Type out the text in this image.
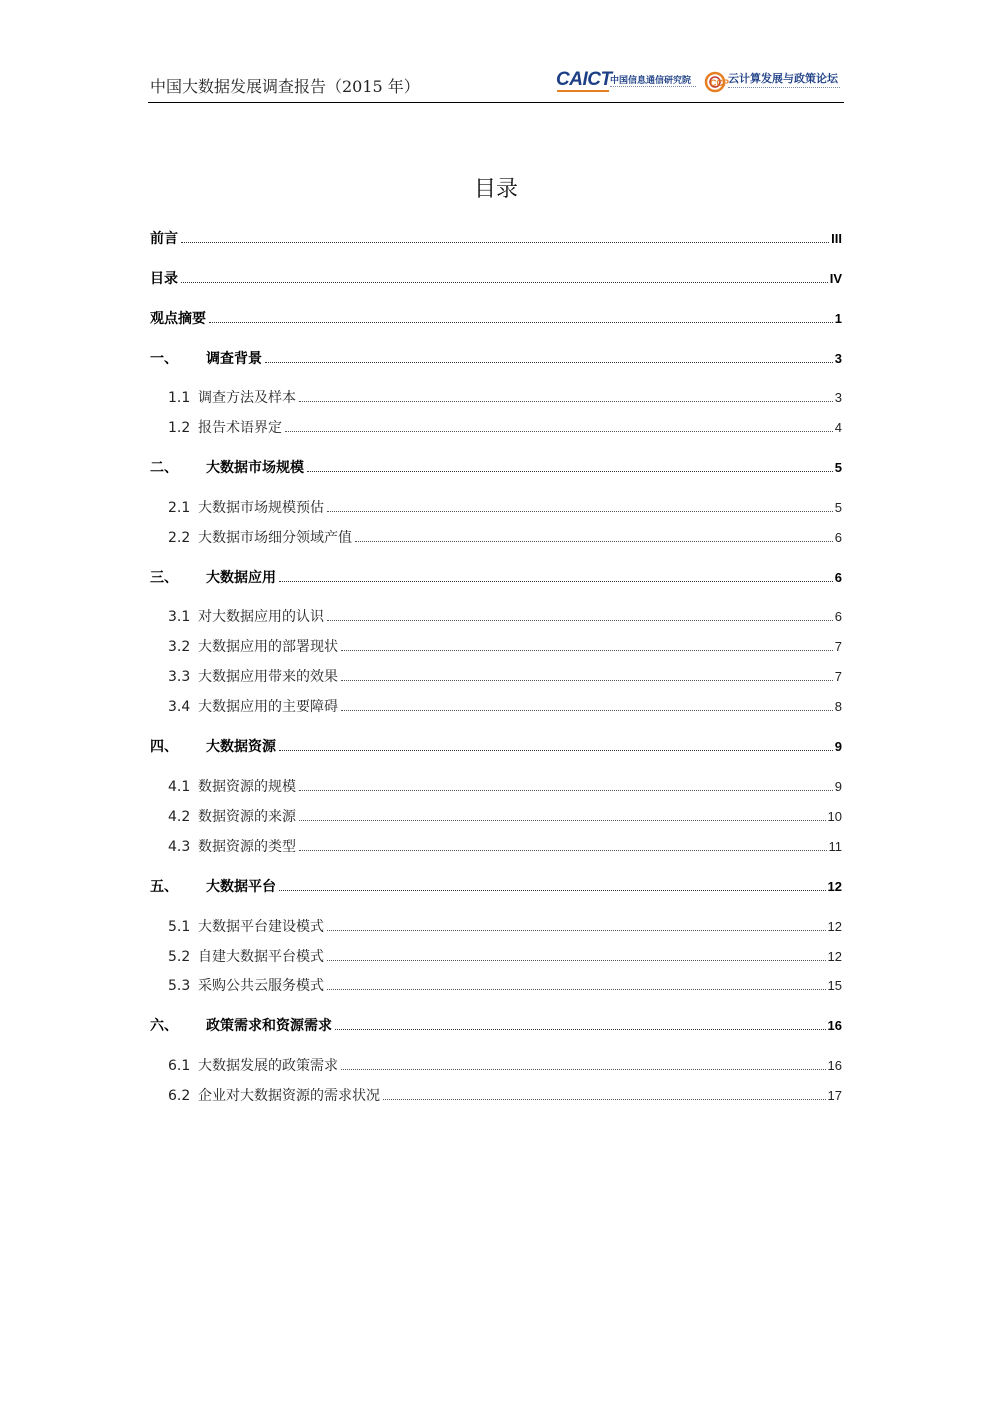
中国大数据发展调查报告（2015 年）	CAICT
中国信息通信研究院 CCP
云计算发展与政策论坛
目录
前言	III
目录	IV
观点摘要	1
一、	调查背景	3
1.1 调查方法及样本	3
1.2 报告术语界定	4
二、	大数据市场规模	5
2.1 大数据市场规模预估	5
2.2 大数据市场细分领域产值	6
三、	大数据应用	6
3.1 对大数据应用的认识	6
3.2 大数据应用的部署现状	7
3.3 大数据应用带来的效果	7
3.4 大数据应用的主要障碍	8
四、	大数据资源	9
4.1 数据资源的规模	9
4.2 数据资源的来源	10
4.3 数据资源的类型	11
五、	大数据平台	12
5.1 大数据平台建设模式	12
5.2 自建大数据平台模式	12
5.3 采购公共云服务模式	15
六、	政策需求和资源需求	16
6.1 大数据发展的政策需求	16
6.2 企业对大数据资源的需求状况	17
